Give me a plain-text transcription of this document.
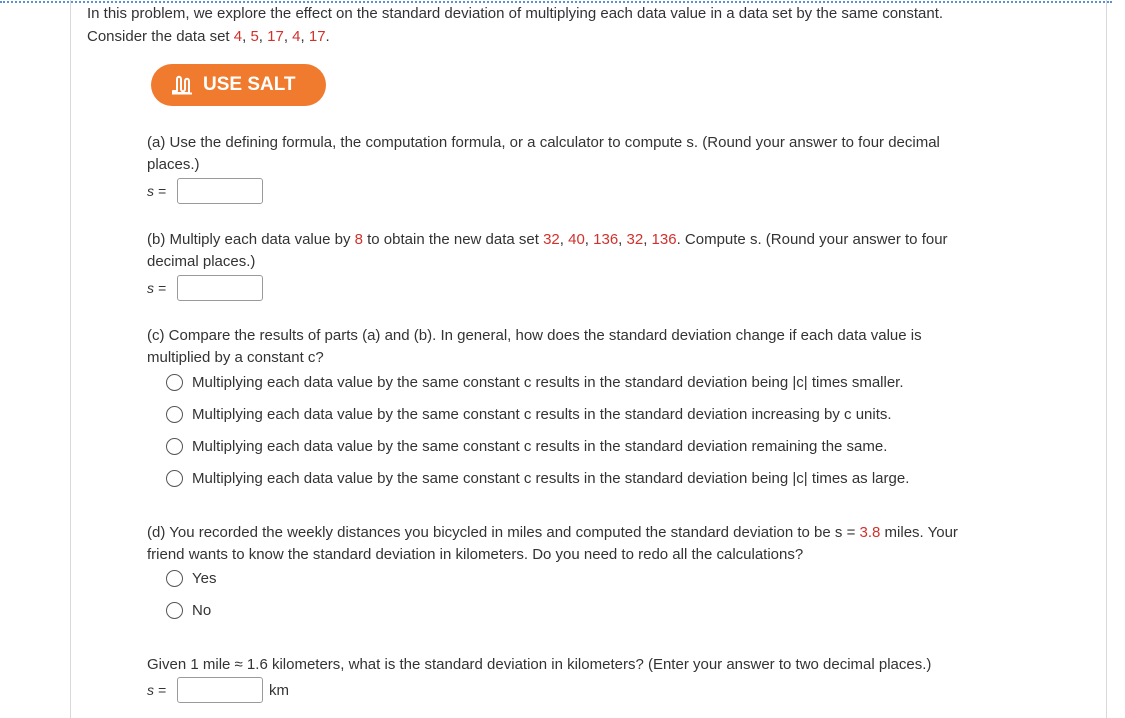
In this problem, we explore the effect on the standard deviation of multiplying each data value in a data set by the same constant.

Consider the data set 4, 5, 17, 4, 17.

USE SALT

(a) Use the defining formula, the computation formula, or a calculator to compute s. (Round your answer to four decimal

places.)

s =

(b) Multiply each data value by 8 to obtain the new data set 32, 40, 136, 32, 136. Compute s. (Round your answer to four

decimal places.)

s =

(c) Compare the results of parts (a) and (b). In general, how does the standard deviation change if each data value is

multiplied by a constant c?

Multiplying each data value by the same constant c results in the standard deviation being |c| times smaller.
Multiplying each data value by the same constant c results in the standard deviation increasing by c units.
Multiplying each data value by the same constant c results in the standard deviation remaining the same.
Multiplying each data value by the same constant c results in the standard deviation being |c| times as large.

(d) You recorded the weekly distances you bicycled in miles and computed the standard deviation to be s = 3.8 miles. Your

friend wants to know the standard deviation in kilometers. Do you need to redo all the calculations?

Yes
No

Given 1 mile ≈ 1.6 kilometers, what is the standard deviation in kilometers? (Enter your answer to two decimal places.)

s =	km
